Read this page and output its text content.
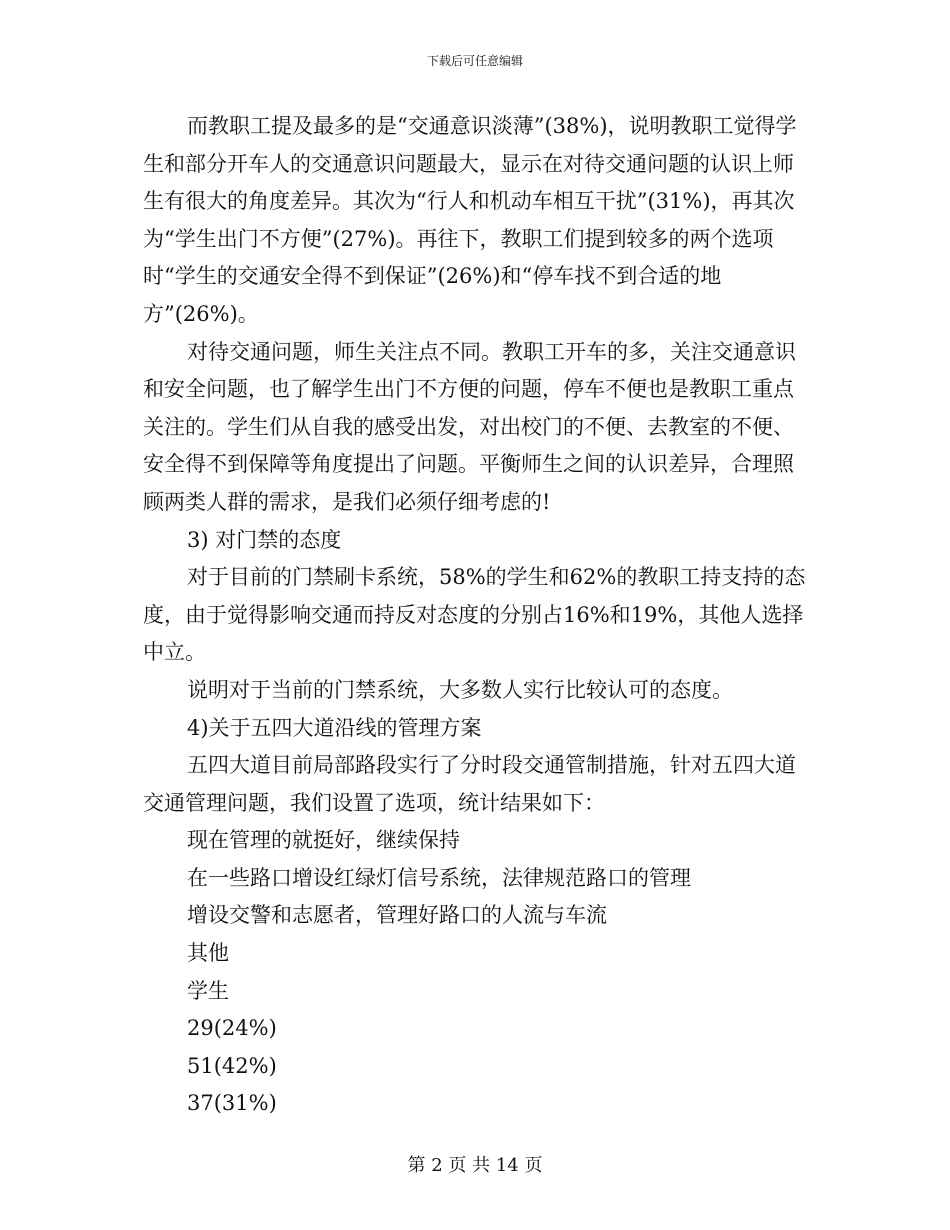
下载后可任意编辑

而教职工提及最多的是“交通意识淡薄”(38%)，说明教职工觉得学生和部分开车人的交通意识问题最大，显示在对待交通问题的认识上师生有很大的角度差异。其次为“行人和机动车相互干扰”(31%)，再其次为“学生出门不方便”(27%)。再往下，教职工们提到较多的两个选项时“学生的交通安全得不到保证”(26%)和“停车找不到合适的地方”(26%)。

对待交通问题，师生关注点不同。教职工开车的多，关注交通意识和安全问题，也了解学生出门不方便的问题，停车不便也是教职工重点关注的。学生们从自我的感受出发，对出校门的不便、去教室的不便、安全得不到保障等角度提出了问题。平衡师生之间的认识差异，合理照顾两类人群的需求，是我们必须仔细考虑的!

3) 对门禁的态度

对于目前的门禁刷卡系统，58%的学生和62%的教职工持支持的态度，由于觉得影响交通而持反对态度的分别占16%和19%，其他人选择中立。

说明对于当前的门禁系统，大多数人实行比较认可的态度。

4)关于五四大道沿线的管理方案

五四大道目前局部路段实行了分时段交通管制措施，针对五四大道交通管理问题，我们设置了选项，统计结果如下：

现在管理的就挺好，继续保持

在一些路口增设红绿灯信号系统，法律规范路口的管理

增设交警和志愿者，管理好路口的人流与车流

其他

学生

29(24%)

51(42%)

37(31%)

第 2 页 共 14 页
